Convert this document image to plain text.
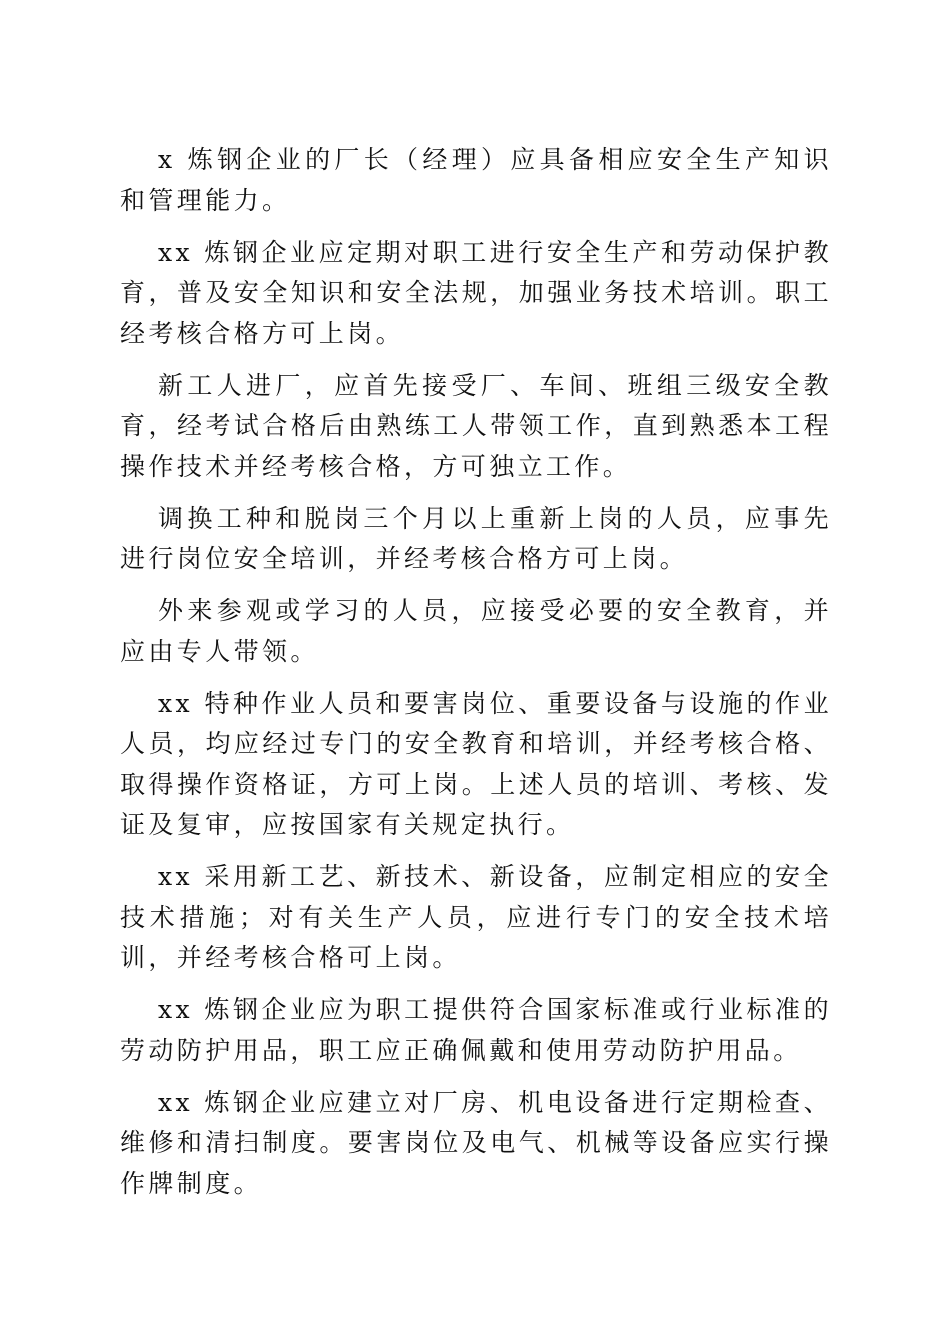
x 炼钢企业的厂长（经理）应具备相应安全生产知识和管理能力。

xx 炼钢企业应定期对职工进行安全生产和劳动保护教育，普及安全知识和安全法规，加强业务技术培训。职工经考核合格方可上岗。

新工人进厂，应首先接受厂、车间、班组三级安全教育，经考试合格后由熟练工人带领工作，直到熟悉本工程操作技术并经考核合格，方可独立工作。

调换工种和脱岗三个月以上重新上岗的人员，应事先进行岗位安全培训，并经考核合格方可上岗。

外来参观或学习的人员，应接受必要的安全教育，并应由专人带领。

xx 特种作业人员和要害岗位、重要设备与设施的作业人员，均应经过专门的安全教育和培训，并经考核合格、取得操作资格证，方可上岗。上述人员的培训、考核、发证及复审，应按国家有关规定执行。

xx 采用新工艺、新技术、新设备，应制定相应的安全技术措施；对有关生产人员，应进行专门的安全技术培训，并经考核合格可上岗。

xx 炼钢企业应为职工提供符合国家标准或行业标准的劳动防护用品，职工应正确佩戴和使用劳动防护用品。

xx 炼钢企业应建立对厂房、机电设备进行定期检查、维修和清扫制度。要害岗位及电气、机械等设备应实行操作牌制度。
